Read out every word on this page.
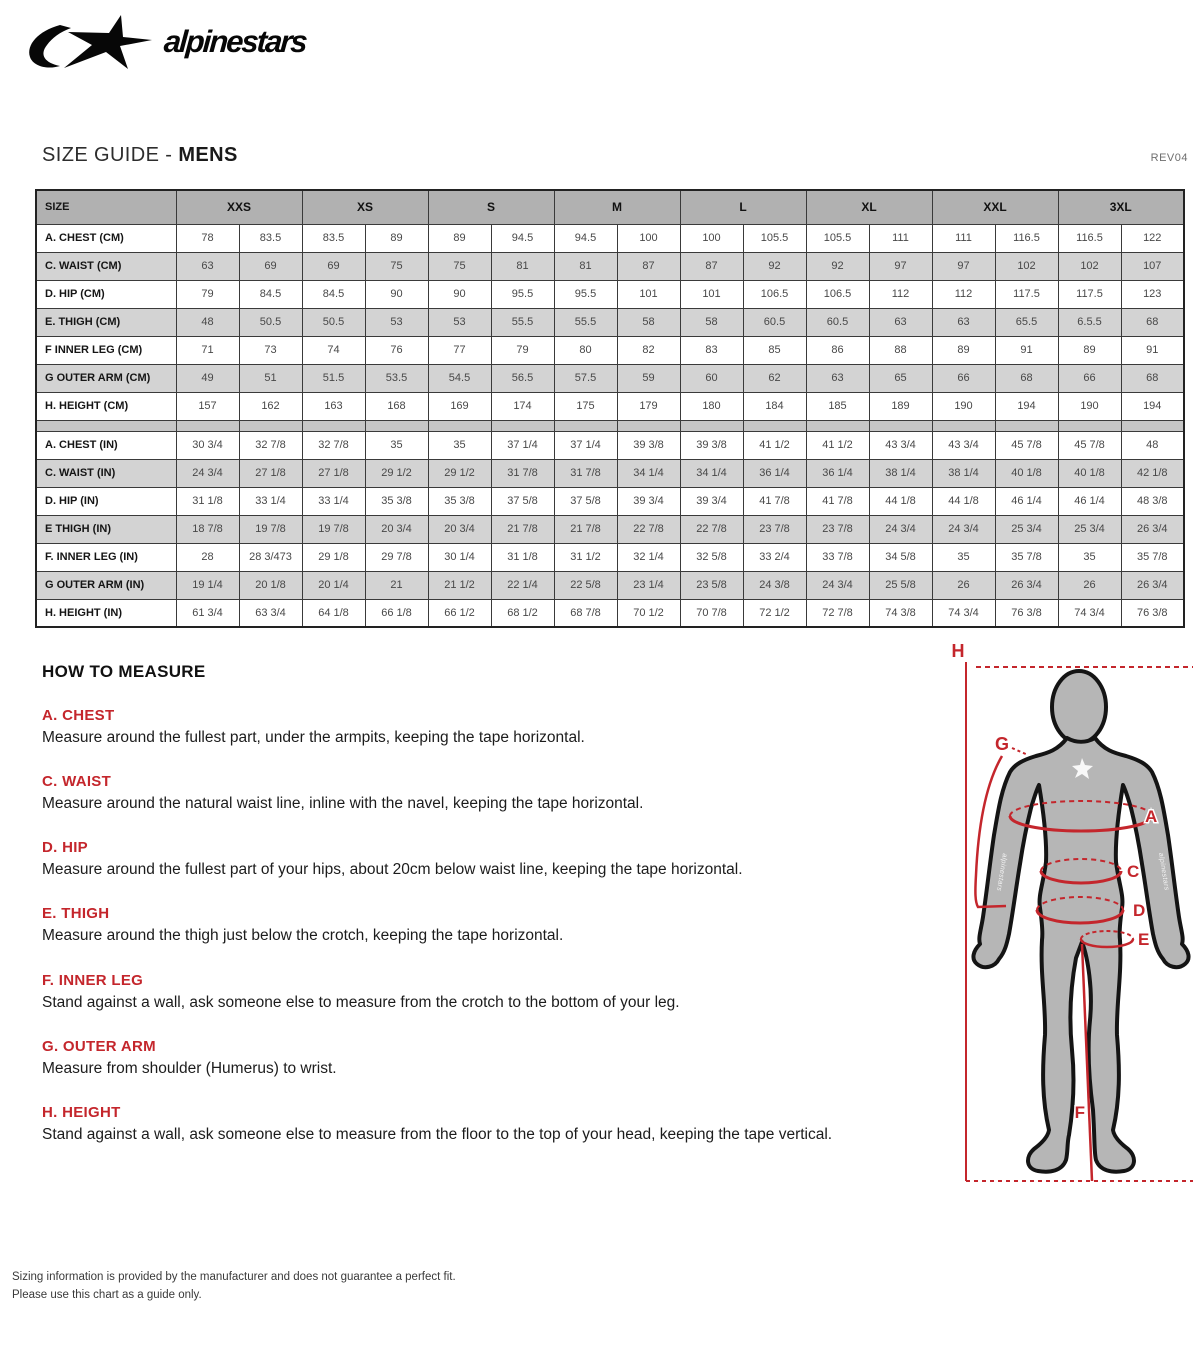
alpinestars
SIZE GUIDE - MENS	REV04
SIZE	XXS		XS		S		M		L		XL		XXL		3XL	
A. CHEST (CM)	78	83.5	83.5	89	89	94.5	94.5	100	100	105.5	105.5	111	111	116.5	116.5	122
C. WAIST (CM)	63	69	69	75	75	81	81	87	87	92	92	97	97	102	102	107
D. HIP (CM)	79	84.5	84.5	90	90	95.5	95.5	101	101	106.5	106.5	112	112	117.5	117.5	123
E. THIGH (CM)	48	50.5	50.5	53	53	55.5	55.5	58	58	60.5	60.5	63	63	65.5	6.5.5	68
F INNER LEG (CM)	71	73	74	76	77	79	80	82	83	85	86	88	89	91	89	91
G OUTER ARM (CM)	49	51	51.5	53.5	54.5	56.5	57.5	59	60	62	63	65	66	68	66	68
H. HEIGHT (CM)	157	162	163	168	169	174	175	179	180	184	185	189	190	194	190	194

A. CHEST (IN)	30 3/4	32 7/8	32 7/8	35	35	37 1/4	37 1/4	39 3/8	39 3/8	41 1/2	41 1/2	43 3/4	43 3/4	45 7/8	45 7/8	48
C. WAIST (IN)	24 3/4	27 1/8	27 1/8	29 1/2	29 1/2	31 7/8	31 7/8	34 1/4	34 1/4	36 1/4	36 1/4	38 1/4	38 1/4	40 1/8	40 1/8	42 1/8
D. HIP (IN)	31 1/8	33 1/4	33 1/4	35 3/8	35 3/8	37 5/8	37 5/8	39 3/4	39 3/4	41 7/8	41 7/8	44 1/8	44 1/8	46 1/4	46 1/4	48 3/8
E THIGH (IN)	18 7/8	19 7/8	19 7/8	20 3/4	20 3/4	21 7/8	21 7/8	22 7/8	22 7/8	23 7/8	23 7/8	24 3/4	24 3/4	25 3/4	25 3/4	26 3/4
F. INNER LEG (IN)	28	28 3/473	29 1/8	29 7/8	30 1/4	31 1/8	31 1/2	32 1/4	32 5/8	33 2/4	33 7/8	34 5/8	35	35 7/8	35	35 7/8
G OUTER ARM (IN)	19 1/4	20 1/8	20 1/4	21	21 1/2	22 1/4	22 5/8	23 1/4	23 5/8	24 3/8	24 3/4	25 5/8	26	26 3/4	26	26 3/4
H. HEIGHT (IN)	61 3/4	63 3/4	64 1/8	66 1/8	66 1/2	68 1/2	68 7/8	70 1/2	70 7/8	72 1/2	72 7/8	74 3/8	74 3/4	76 3/8	74 3/4	76 3/8
HOW TO MEASURE
A. CHEST
Measure around the fullest part, under the armpits, keeping the tape horizontal.
C. WAIST
Measure around the natural waist line, inline with the navel, keeping the tape horizontal.
D. HIP
Measure around the fullest part of your hips, about 20cm below waist line, keeping the tape horizontal.
E. THIGH
Measure around the thigh just below the crotch, keeping the tape horizontal.
F. INNER LEG
Stand against a wall, ask someone else to measure from the crotch to the bottom of your leg.
G. OUTER ARM
Measure from shoulder (Humerus) to wrist.
H. HEIGHT
Stand against a wall, ask someone else to measure from the floor to the top of your head, keeping the tape vertical.
alpinestars	alpinestars
H
G
A
C
D
E
F
Sizing information is provided by the manufacturer and does not guarantee a perfect fit.
Please use this chart as a guide only.
